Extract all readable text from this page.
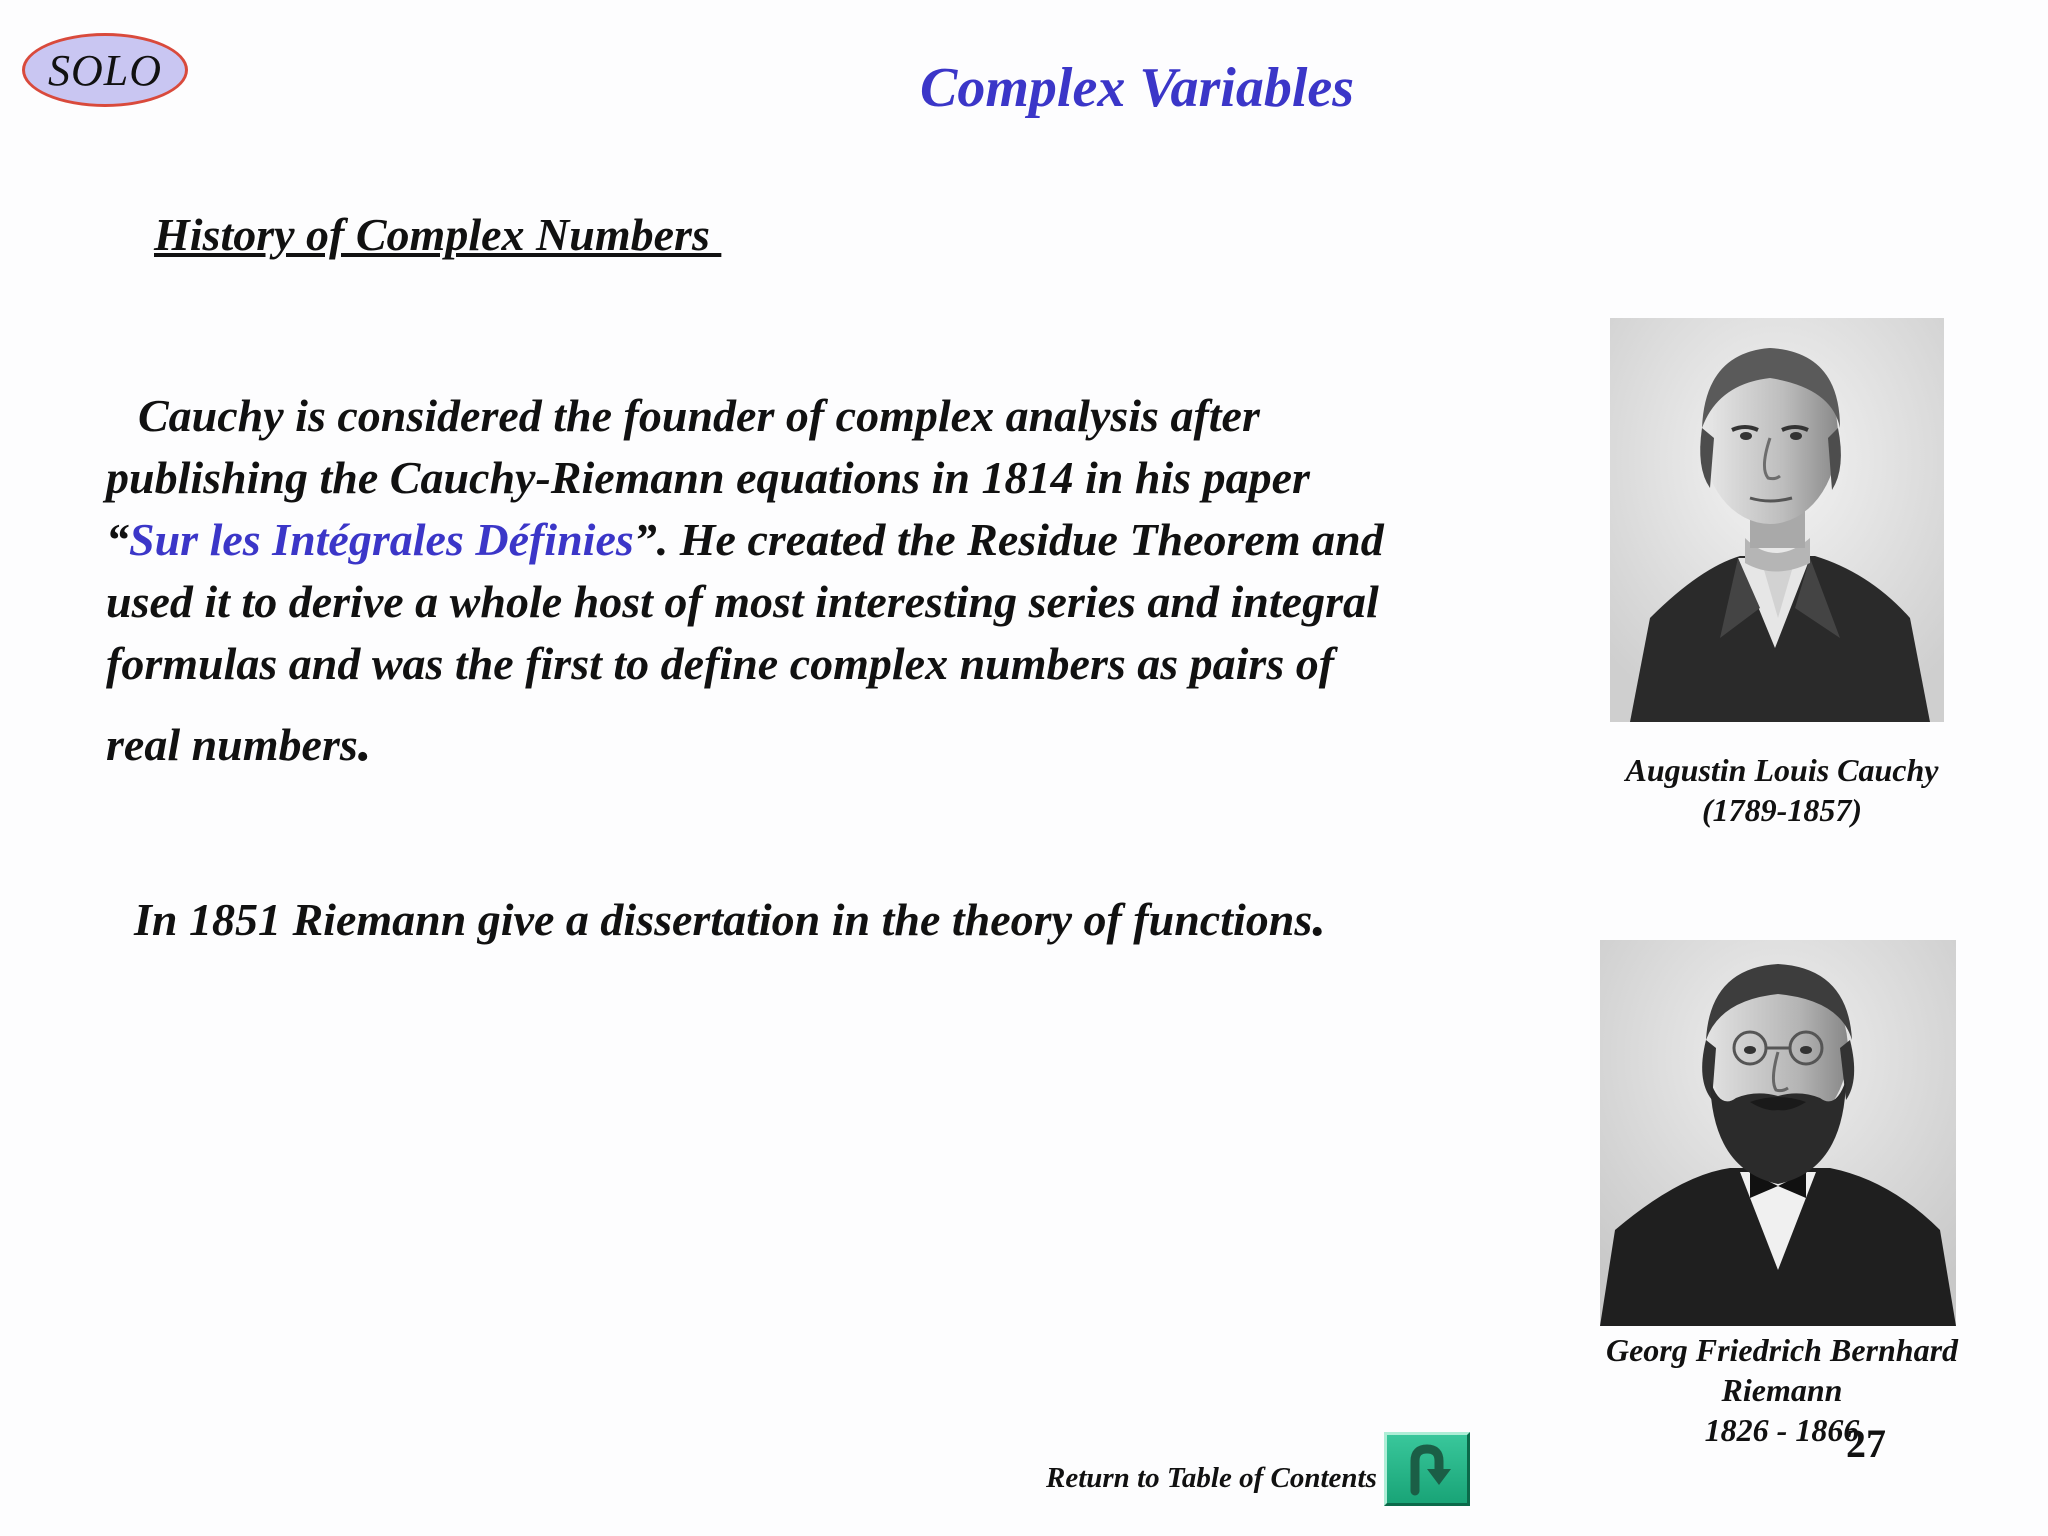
SOLO	Complex Variables
History of Complex Numbers
Cauchy is considered the founder of complex analysis after
publishing the Cauchy-Riemann equations in 1814 in his paper
“Sur les Intégrales Définies”. He created the Residue Theorem and
used it to derive a whole host of most interesting series and integral
formulas and was the first to define complex numbers as pairs of
real numbers.
In 1851 Riemann give a dissertation in the theory of functions.
Augustin Louis Cauchy
(1789-1857)
Georg Friedrich Bernhard
Riemann
1826 - 1866
27
Return to Table of Contents
